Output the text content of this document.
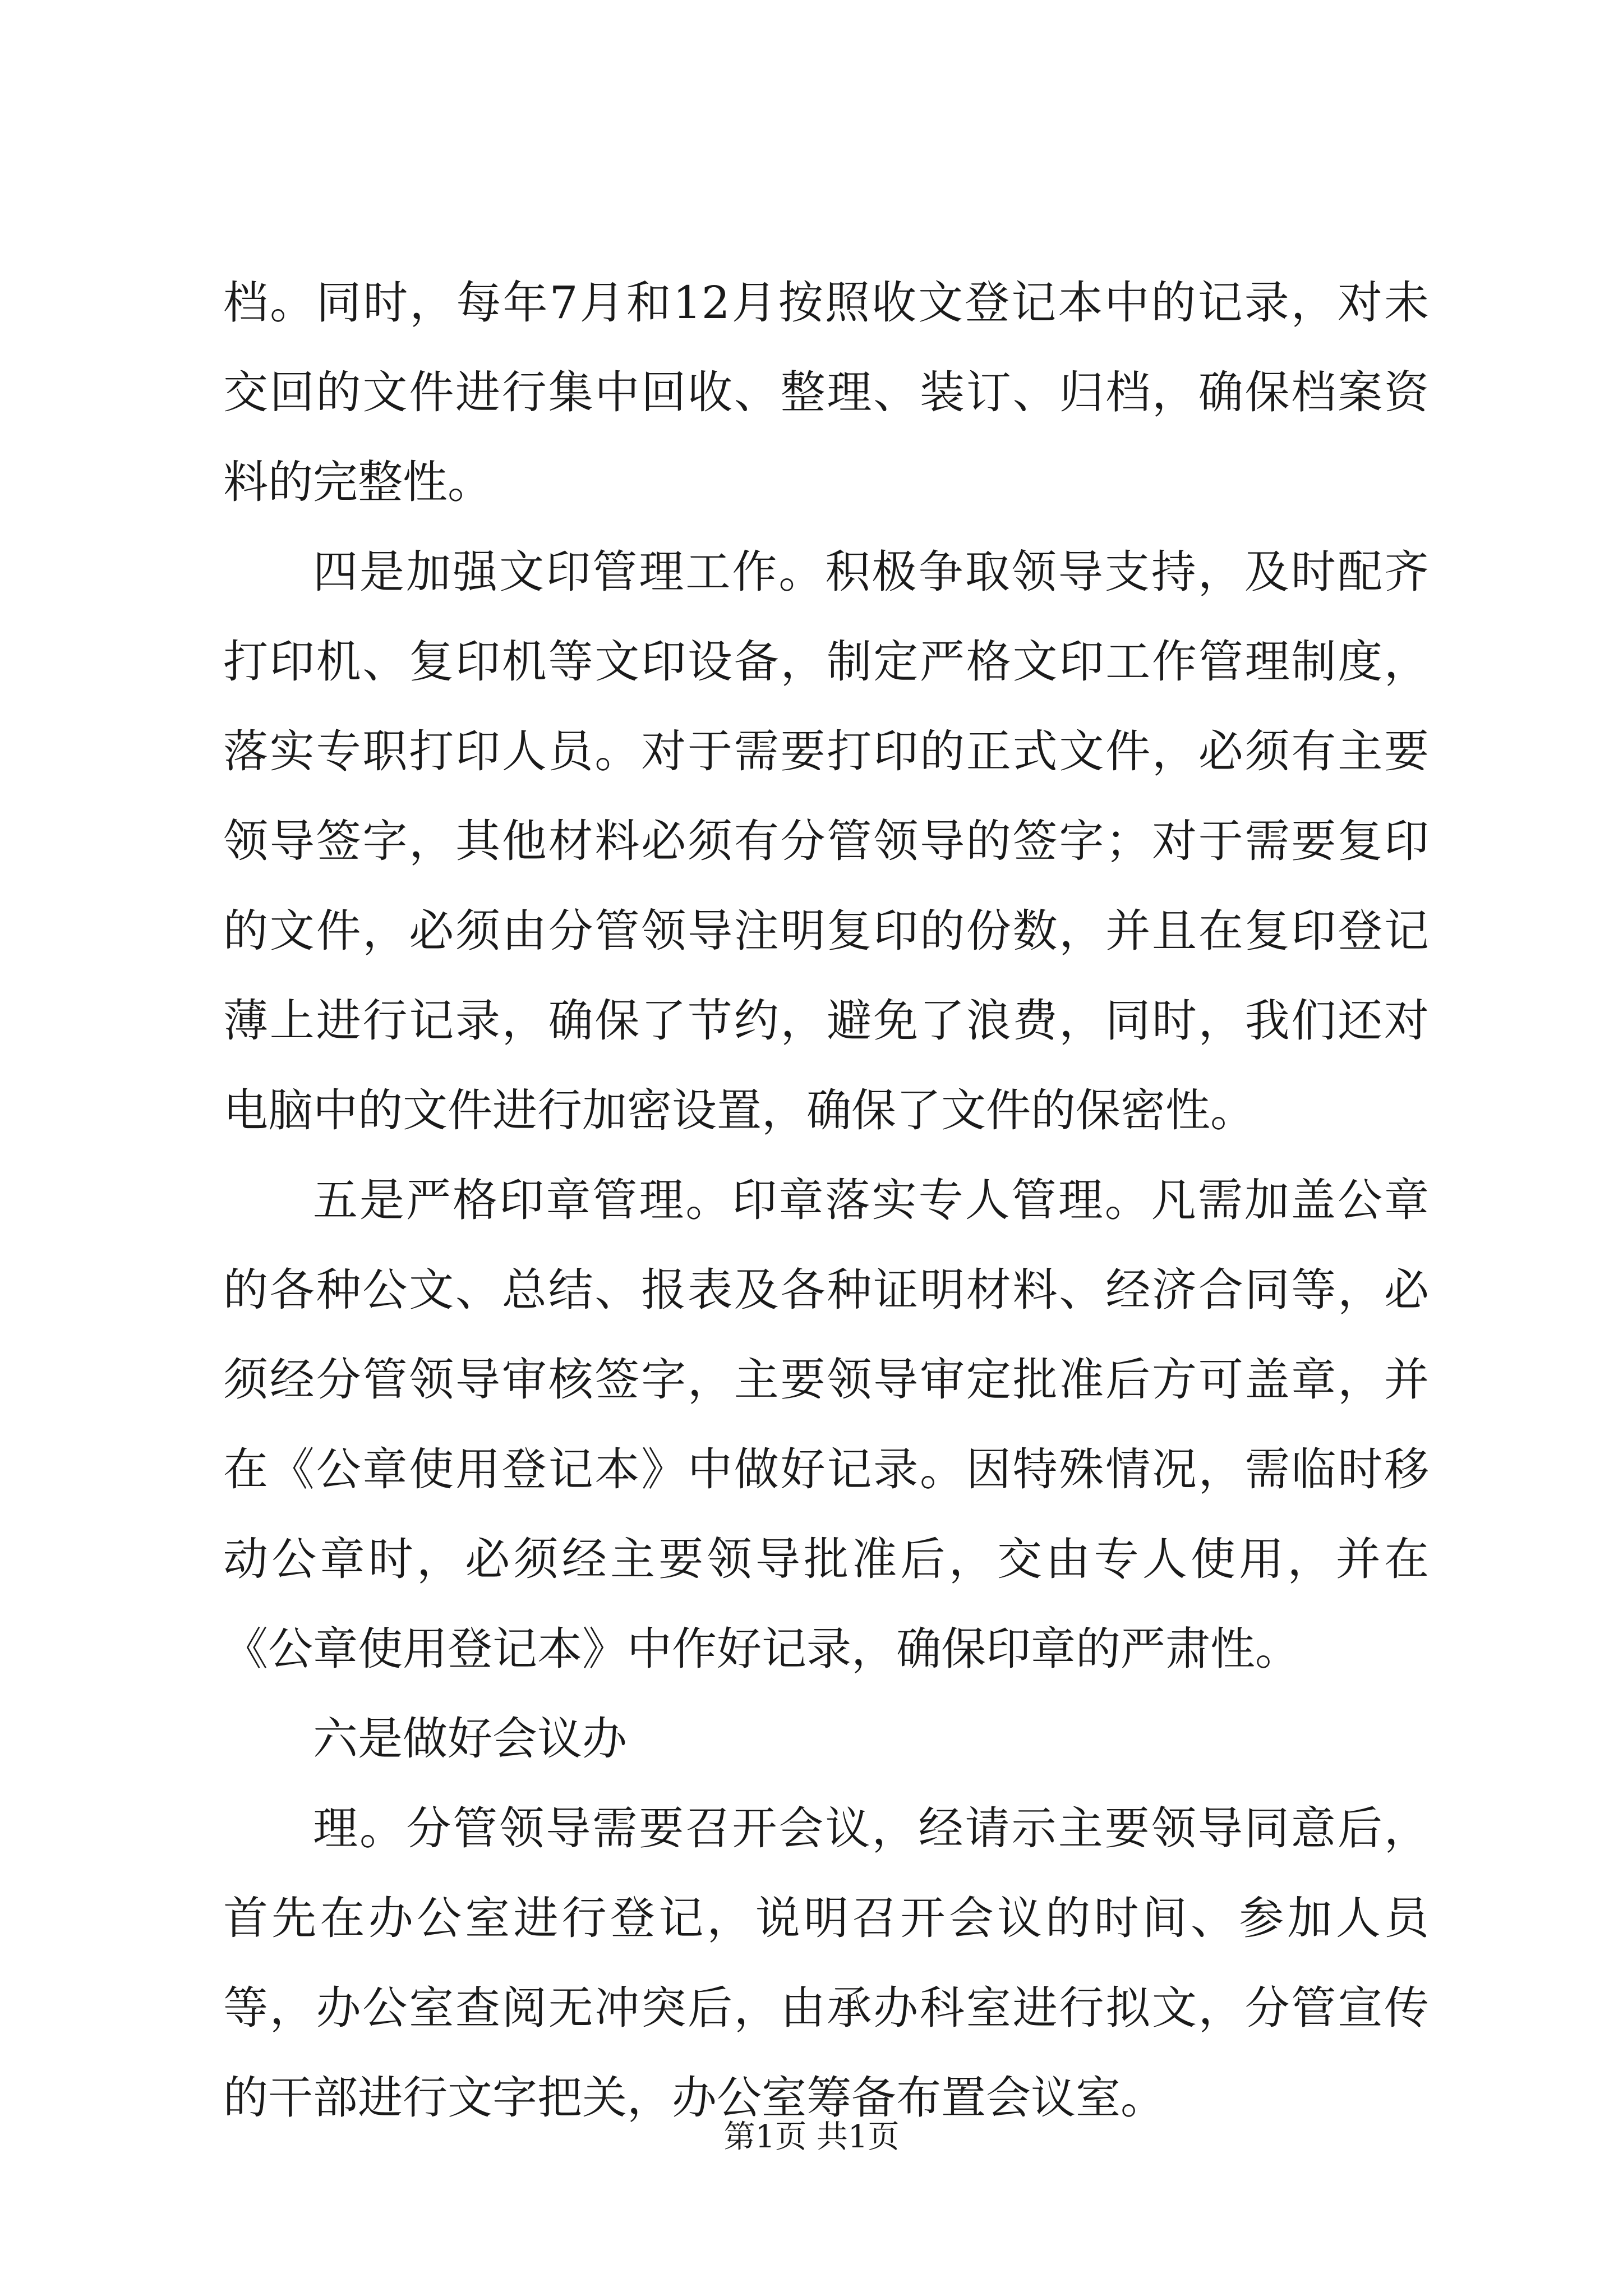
档。同时，每年7月和12月按照收文登记本中的记录，对未交回的文件进行集中回收、整理、装订、归档，确保档案资料的完整性。

四是加强文印管理工作。积极争取领导支持，及时配齐打印机、复印机等文印设备，制定严格文印工作管理制度，落实专职打印人员。对于需要打印的正式文件，必须有主要领导签字，其他材料必须有分管领导的签字；对于需要复印的文件，必须由分管领导注明复印的份数，并且在复印登记薄上进行记录，确保了节约，避免了浪费，同时，我们还对电脑中的文件进行加密设置，确保了文件的保密性。

五是严格印章管理。印章落实专人管理。凡需加盖公章的各种公文、总结、报表及各种证明材料、经济合同等，必须经分管领导审核签字，主要领导审定批准后方可盖章，并在《公章使用登记本》中做好记录。因特殊情况，需临时移动公章时，必须经主要领导批准后，交由专人使用，并在《公章使用登记本》中作好记录，确保印章的严肃性。

六是做好会议办

理。分管领导需要召开会议，经请示主要领导同意后，首先在办公室进行登记，说明召开会议的时间、参加人员等，办公室查阅无冲突后，由承办科室进行拟文，分管宣传的干部进行文字把关，办公室筹备布置会议室。

第1页 共1页
